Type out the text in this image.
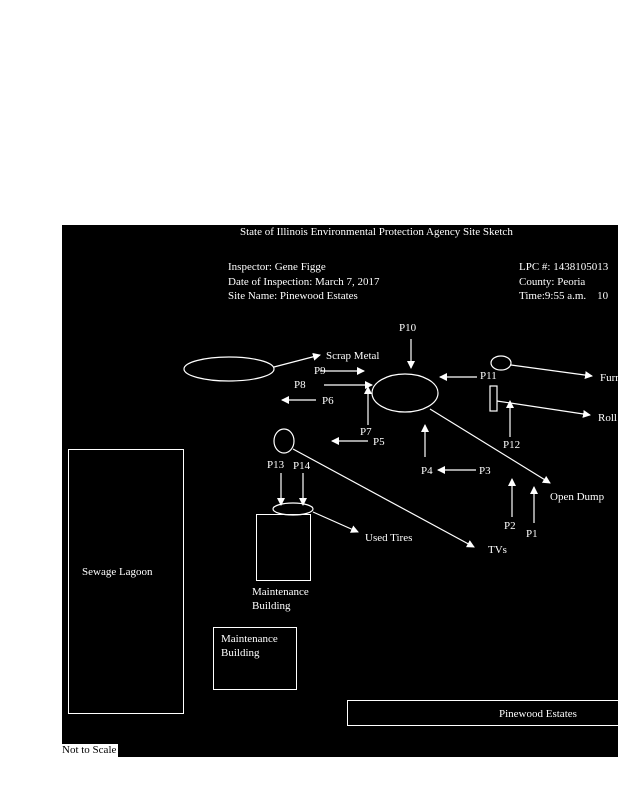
State of Illinois Environmental Protection Agency Site Sketch
Inspector: Gene Figge
Date of Inspection: March 7, 2017
Site Name: Pinewood Estates
LPC #: 1438105013
County: Peoria
Time:9:55 a.m.    10
Scrap Metal
Furn
Roll
Open Dump
Used Tires
TVs
P10
P9
P8
P6
P11
P7
P5	P12
P13 P14	P4	P3
P2
P1
Maintenance Building
Maintenance Building
Sewage Lagoon
Pinewood Estates
Not to Scale
